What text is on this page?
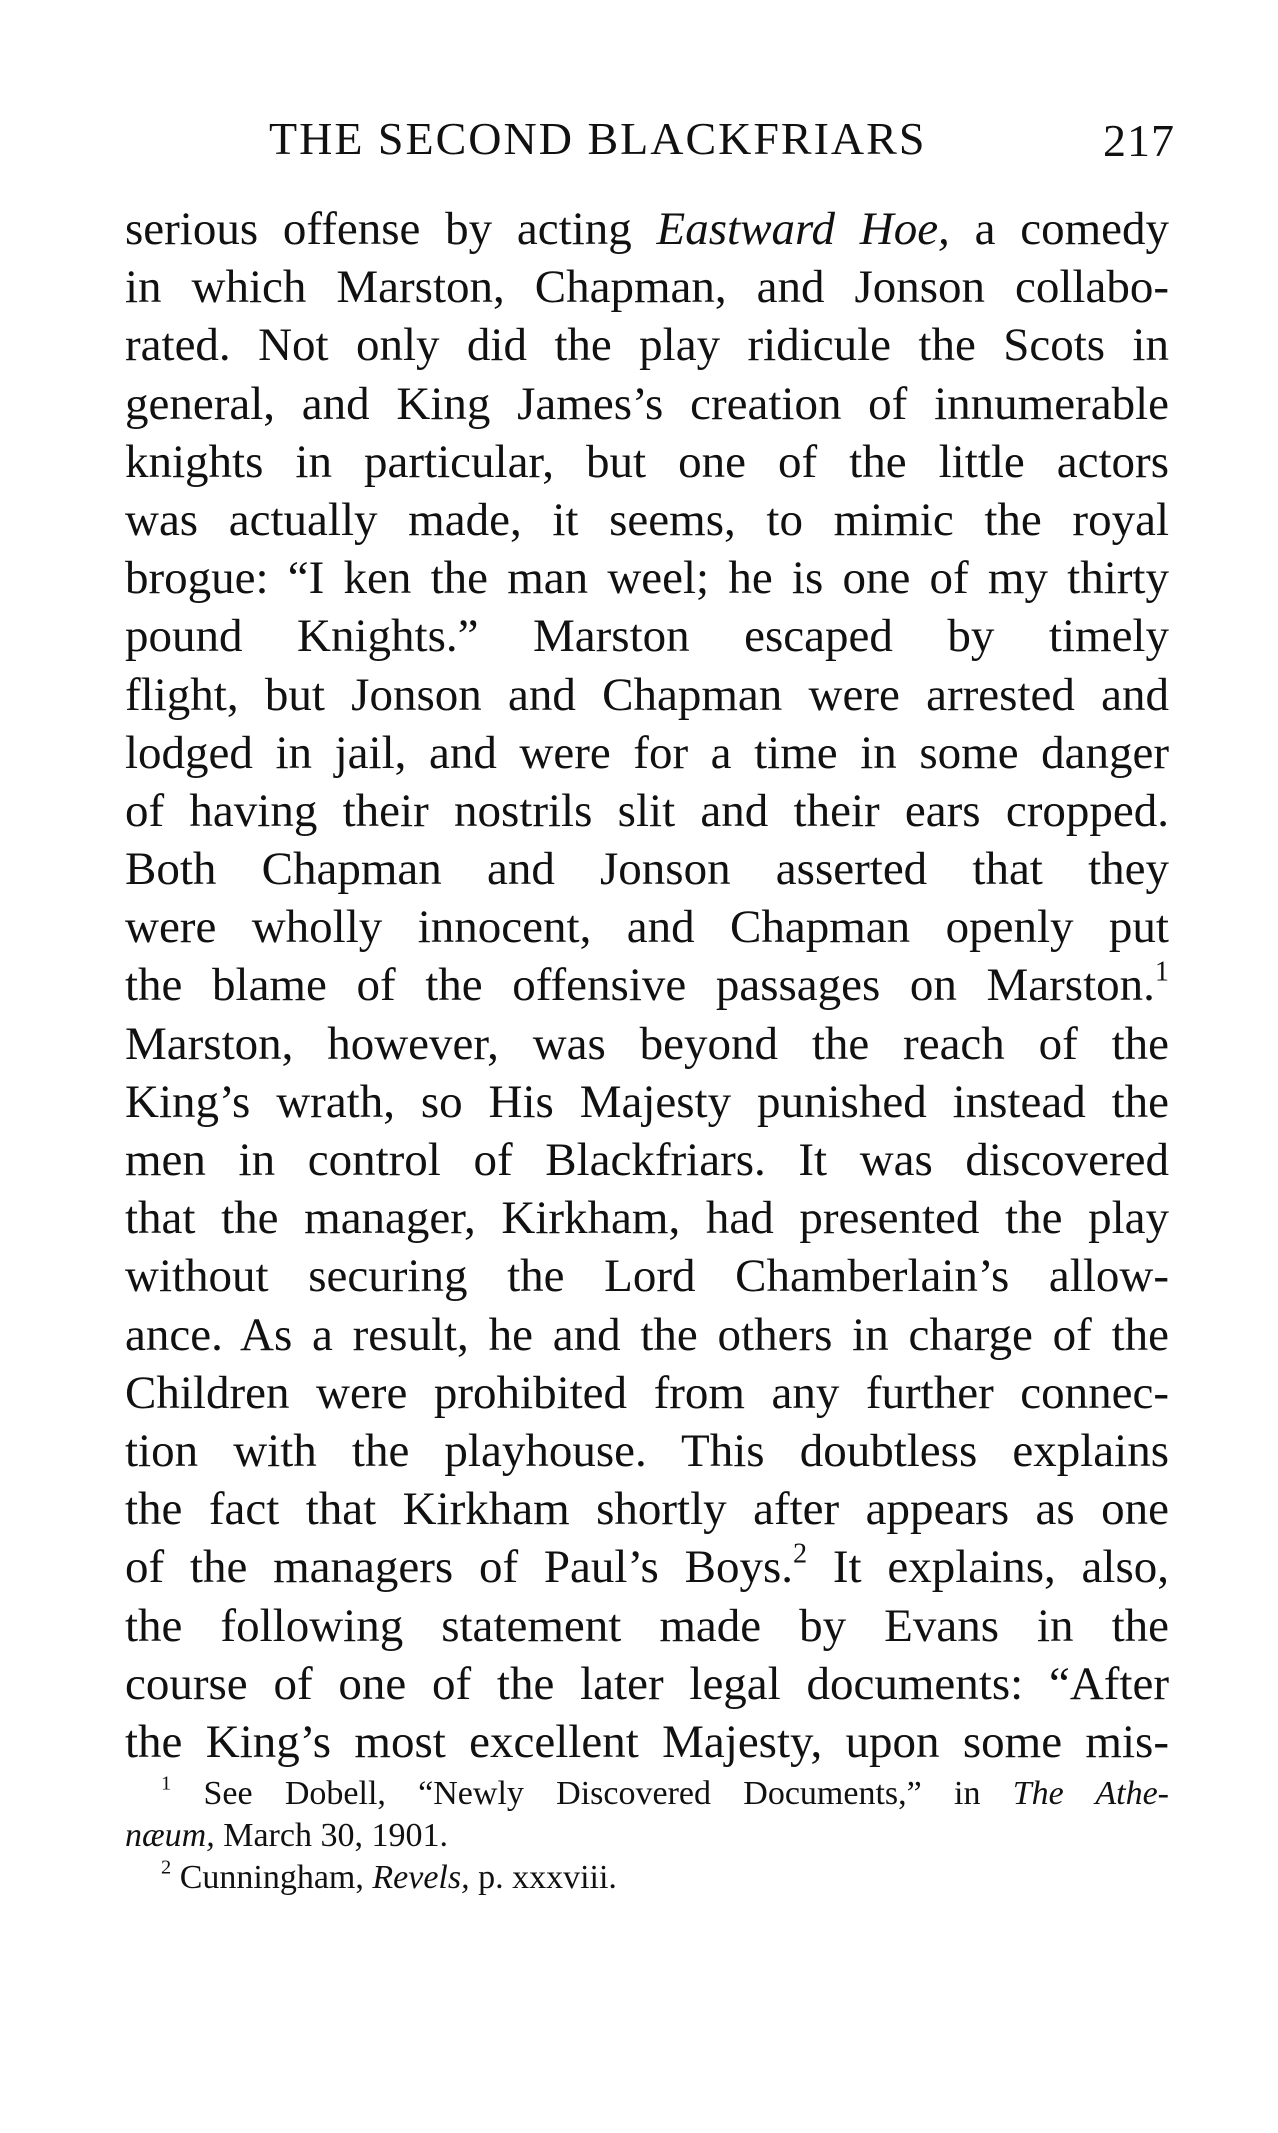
THE SECOND BLACKFRIARS	217
serious offense by acting Eastward Hoe, a comedy
in which Marston, Chapman, and Jonson collabo-
rated. Not only did the play ridicule the Scots in
general, and King James’s creation of innumerable
knights in particular, but one of the little actors
was actually made, it seems, to mimic the royal
brogue: “I ken the man weel; he is one of my thirty
pound Knights.” Marston escaped by timely
flight, but Jonson and Chapman were arrested and
lodged in jail, and were for a time in some danger
of having their nostrils slit and their ears cropped.
Both Chapman and Jonson asserted that they
were wholly innocent, and Chapman openly put
the blame of the offensive passages on Marston.$^1$
Marston, however, was beyond the reach of the
King’s wrath, so His Majesty punished instead the
men in control of Blackfriars. It was discovered
that the manager, Kirkham, had presented the play
without securing the Lord Chamberlain’s allow-
ance. As a result, he and the others in charge of the
Children were prohibited from any further connec-
tion with the playhouse. This doubtless explains
the fact that Kirkham shortly after appears as one
of the managers of Paul’s Boys.$^2$ It explains, also,
the following statement made by Evans in the
course of one of the later legal documents: “After
the King’s most excellent Majesty, upon some mis-
$^1$ See Dobell, “Newly Discovered Documents,” in The Athe-
næum, March 30, 1901.
$^2$ Cunningham, Revels, p. xxxviii.
